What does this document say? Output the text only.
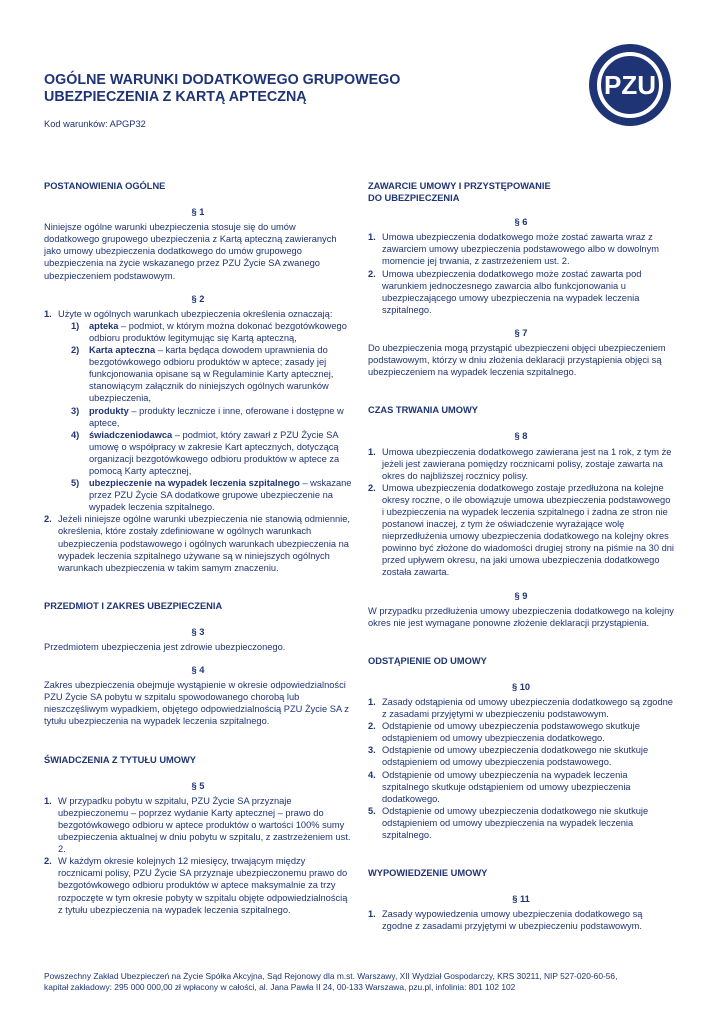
OGÓLNE WARUNKI DODATKOWEGO GRUPOWEGO
UBEZPIECZENIA Z KARTĄ APTECZNĄ
Kod warunków: APGP32
PZU
POSTANOWIENIA OGÓLNE
§ 1

Niniejsze ogólne warunki ubezpieczenia stosuje się do umów dodatkowego grupowego ubezpieczenia z Kartą apteczną zawieranych jako umowy ubezpieczenia dodatkowego do umów grupowego ubezpieczenia na życie wskazanego przez PZU Życie SA zwanego ubezpieczeniem podstawowym.

§ 2
1. Użyte w ogólnych warunkach ubezpieczenia określenia oznaczają:
1) apteka – podmiot, w którym można dokonać bezgotówkowego odbioru produktów legitymując się Kartą apteczną,
2) Karta apteczna – karta będąca dowodem uprawnienia do bezgotówkowego odbioru produktów w aptece; zasady jej funkcjonowania opisane są w Regulaminie Karty aptecznej, stanowiącym załącznik do niniejszych ogólnych warunków ubezpieczenia,
3) produkty – produkty lecznicze i inne, oferowane i dostępne w aptece,
4) świadczeniodawca – podmiot, który zawarł z PZU Życie SA umowę o współpracy w zakresie Kart aptecznych, dotyczącą organizacji bezgotówkowego odbioru produktów w aptece za pomocą Karty aptecznej,
5) ubezpieczenie na wypadek leczenia szpitalnego – wskazane przez PZU Życie SA dodatkowe grupowe ubezpieczenie na wypadek leczenia szpitalnego.
2. Jeżeli niniejsze ogólne warunki ubezpieczenia nie stanowią odmiennie, określenia, które zostały zdefiniowane w ogólnych warunkach ubezpieczenia podstawowego i ogólnych warunkach ubezpieczenia na wypadek leczenia szpitalnego używane są w niniejszych ogólnych warunkach ubezpieczenia w takim samym znaczeniu.
PRZEDMIOT I ZAKRES UBEZPIECZENIA
§ 3

Przedmiotem ubezpieczenia jest zdrowie ubezpieczonego.

§ 4

Zakres ubezpieczenia obejmuje wystąpienie w okresie odpowiedzialności PZU Życie SA pobytu w szpitalu spowodowanego chorobą lub nieszczęśliwym wypadkiem, objętego odpowiedzialnością PZU Życie SA z tytułu ubezpieczenia na wypadek leczenia szpitalnego.

ŚWIADCZENIA Z TYTUŁU UMOWY
§ 5
1. W przypadku pobytu w szpitalu, PZU Życie SA przyznaje ubezpieczonemu – poprzez wydanie Karty aptecznej – prawo do bezgotówkowego odbioru w aptece produktów o wartości 100% sumy ubezpieczenia aktualnej w dniu pobytu w szpitalu, z zastrzeżeniem ust. 2.
2. W każdym okresie kolejnych 12 miesięcy, trwającym między rocznicami polisy, PZU Życie SA przyznaje ubezpieczonemu prawo do bezgotówkowego odbioru produktów w aptece maksymalnie za trzy rozpoczęte w tym okresie pobyty w szpitalu objęte odpowiedzialnością z tytułu ubezpieczenia na wypadek leczenia szpitalnego.
ZAWARCIE UMOWY I PRZYSTĘPOWANIE
DO UBEZPIECZENIA
§ 6
1. Umowa ubezpieczenia dodatkowego może zostać zawarta wraz z zawarciem umowy ubezpieczenia podstawowego albo w dowolnym momencie jej trwania, z zastrzeżeniem ust. 2.
2. Umowa ubezpieczenia dodatkowego może zostać zawarta pod warunkiem jednoczesnego zawarcia albo funkcjonowania u ubezpieczającego umowy ubezpieczenia na wypadek leczenia szpitalnego.
§ 7

Do ubezpieczenia mogą przystąpić ubezpieczeni objęci ubezpieczeniem podstawowym, którzy w dniu złożenia deklaracji przystąpienia objęci są ubezpieczeniem na wypadek leczenia szpitalnego.

CZAS TRWANIA UMOWY
§ 8
1. Umowa ubezpieczenia dodatkowego zawierana jest na 1 rok, z tym że jeżeli jest zawierana pomiędzy rocznicami polisy, zostaje zawarta na okres do najbliższej rocznicy polisy.
2. Umowa ubezpieczenia dodatkowego zostaje przedłużona na kolejne okresy roczne, o ile obowiązuje umowa ubezpieczenia podstawowego i ubezpieczenia na wypadek leczenia szpitalnego i żadna ze stron nie postanowi inaczej, z tym że oświadczenie wyrażające wolę nieprzedłużenia umowy ubezpieczenia dodatkowego na kolejny okres powinno być złożone do wiadomości drugiej strony na piśmie na 30 dni przed upływem okresu, na jaki umowa ubezpieczenia dodatkowego została zawarta.
§ 9

W przypadku przedłużenia umowy ubezpieczenia dodatkowego na kolejny okres nie jest wymagane ponowne złożenie deklaracji przystąpienia.

ODSTĄPIENIE OD UMOWY
§ 10
1. Zasady odstąpienia od umowy ubezpieczenia dodatkowego są zgodne z zasadami przyjętymi w ubezpieczeniu podstawowym.
2. Odstąpienie od umowy ubezpieczenia podstawowego skutkuje odstąpieniem od umowy ubezpieczenia dodatkowego.
3. Odstąpienie od umowy ubezpieczenia dodatkowego nie skutkuje odstąpieniem od umowy ubezpieczenia podstawowego.
4. Odstąpienie od umowy ubezpieczenia na wypadek leczenia szpitalnego skutkuje odstąpieniem od umowy ubezpieczenia dodatkowego.
5. Odstąpienie od umowy ubezpieczenia dodatkowego nie skutkuje odstąpieniem od umowy ubezpieczenia na wypadek leczenia szpitalnego.
WYPOWIEDZENIE UMOWY
§ 11
1. Zasady wypowiedzenia umowy ubezpieczenia dodatkowego są zgodne z zasadami przyjętymi w ubezpieczeniu podstawowym.
Powszechny Zakład Ubezpieczeń na Życie Spółka Akcyjna, Sąd Rejonowy dla m.st. Warszawy, XII Wydział Gospodarczy, KRS 30211, NIP 527-020-60-56,
kapitał zakładowy: 295 000 000,00 zł wpłacony w całości, al. Jana Pawła II 24, 00-133 Warszawa, pzu.pl, infolinia: 801 102 102
